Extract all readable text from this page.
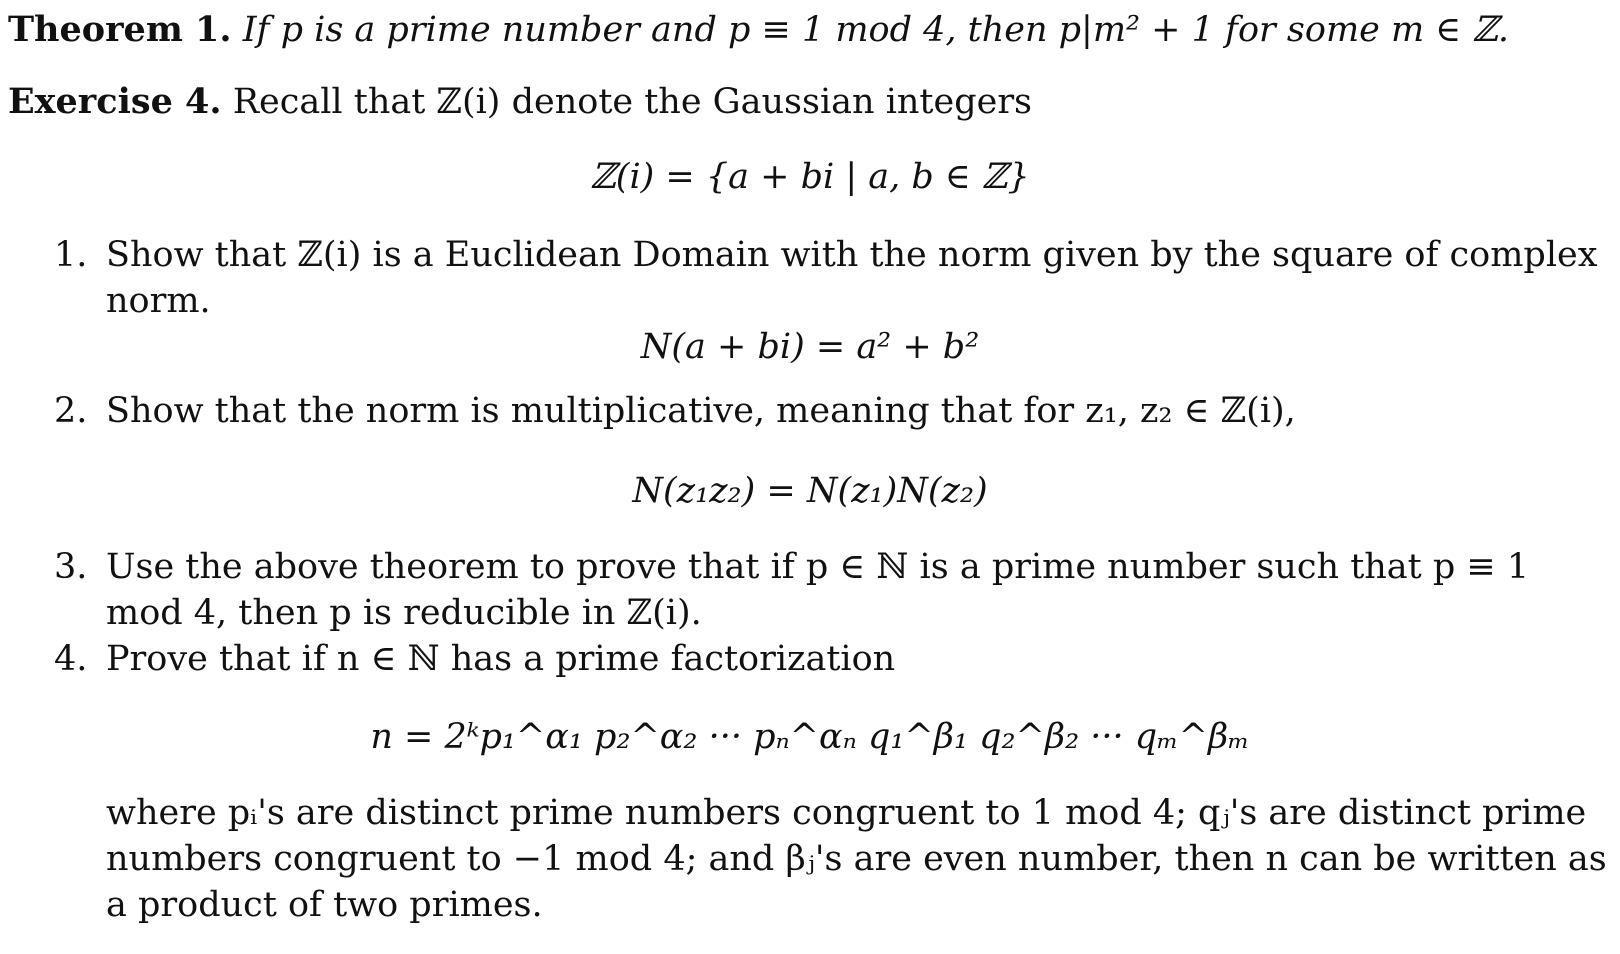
Theorem 1. If p is a prime number and p ≡ 1 mod 4, then p|m² + 1 for some m ∈ ℤ.
Exercise 4. Recall that ℤ(i) denote the Gaussian integers
ℤ(i) = {a + bi | a, b ∈ ℤ}
1. Show that ℤ(i) is a Euclidean Domain with the norm given by the square of complex
norm.
N(a + bi) = a² + b²
2. Show that the norm is multiplicative, meaning that for z₁, z₂ ∈ ℤ(i),
N(z₁z₂) = N(z₁)N(z₂)
3. Use the above theorem to prove that if p ∈ ℕ is a prime number such that p ≡ 1
mod 4, then p is reducible in ℤ(i).
4. Prove that if n ∈ ℕ has a prime factorization
n = 2ᵏp₁^α₁ p₂^α₂ ··· pₙ^αₙ q₁^β₁ q₂^β₂ ··· qₘ^βₘ
where pᵢ's are distinct prime numbers congruent to 1 mod 4; qⱼ's are distinct prime
numbers congruent to −1 mod 4; and βⱼ's are even number, then n can be written as
a product of two primes.
